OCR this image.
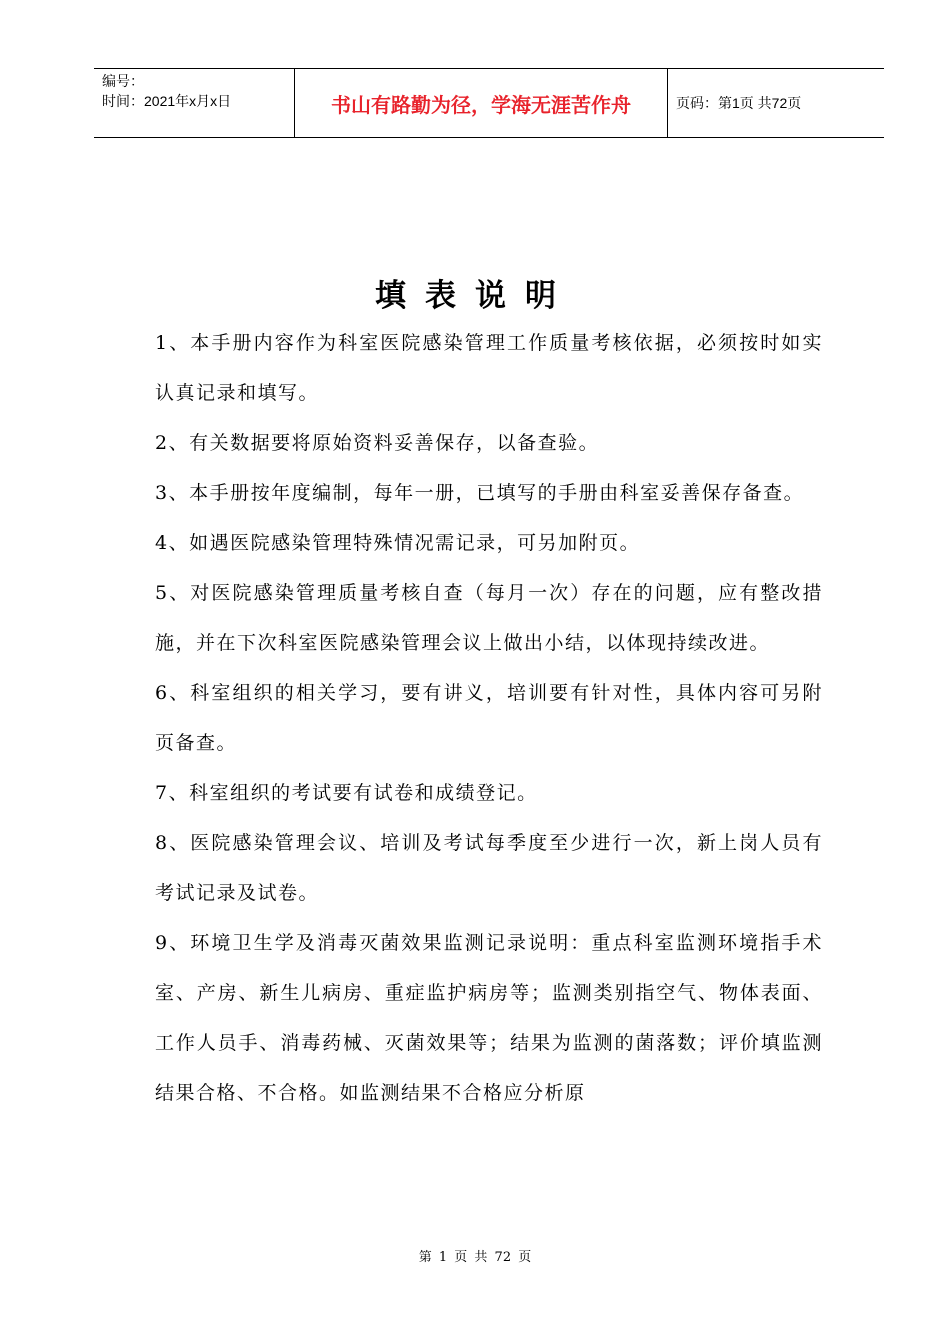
编号：
时间：2021年x月x日	书山有路勤为径，学海无涯苦作舟	页码：第1页 共72页
填表说明

1、本手册内容作为科室医院感染管理工作质量考核依据，必须按时如实认真记录和填写。

2、有关数据要将原始资料妥善保存，以备查验。

3、本手册按年度编制，每年一册，已填写的手册由科室妥善保存备查。

4、如遇医院感染管理特殊情况需记录，可另加附页。

5、对医院感染管理质量考核自查（每月一次）存在的问题，应有整改措施，并在下次科室医院感染管理会议上做出小结，以体现持续改进。

6、科室组织的相关学习，要有讲义，培训要有针对性，具体内容可另附页备查。

7、科室组织的考试要有试卷和成绩登记。

8、医院感染管理会议、培训及考试每季度至少进行一次，新上岗人员有考试记录及试卷。

9、环境卫生学及消毒灭菌效果监测记录说明：重点科室监测环境指手术室、产房、新生儿病房、重症监护病房等；监测类别指空气、物体表面、工作人员手、消毒药械、灭菌效果等；结果为监测的菌落数；评价填监测结果合格、不合格。如监测结果不合格应分析原

第 1 页 共 72 页
